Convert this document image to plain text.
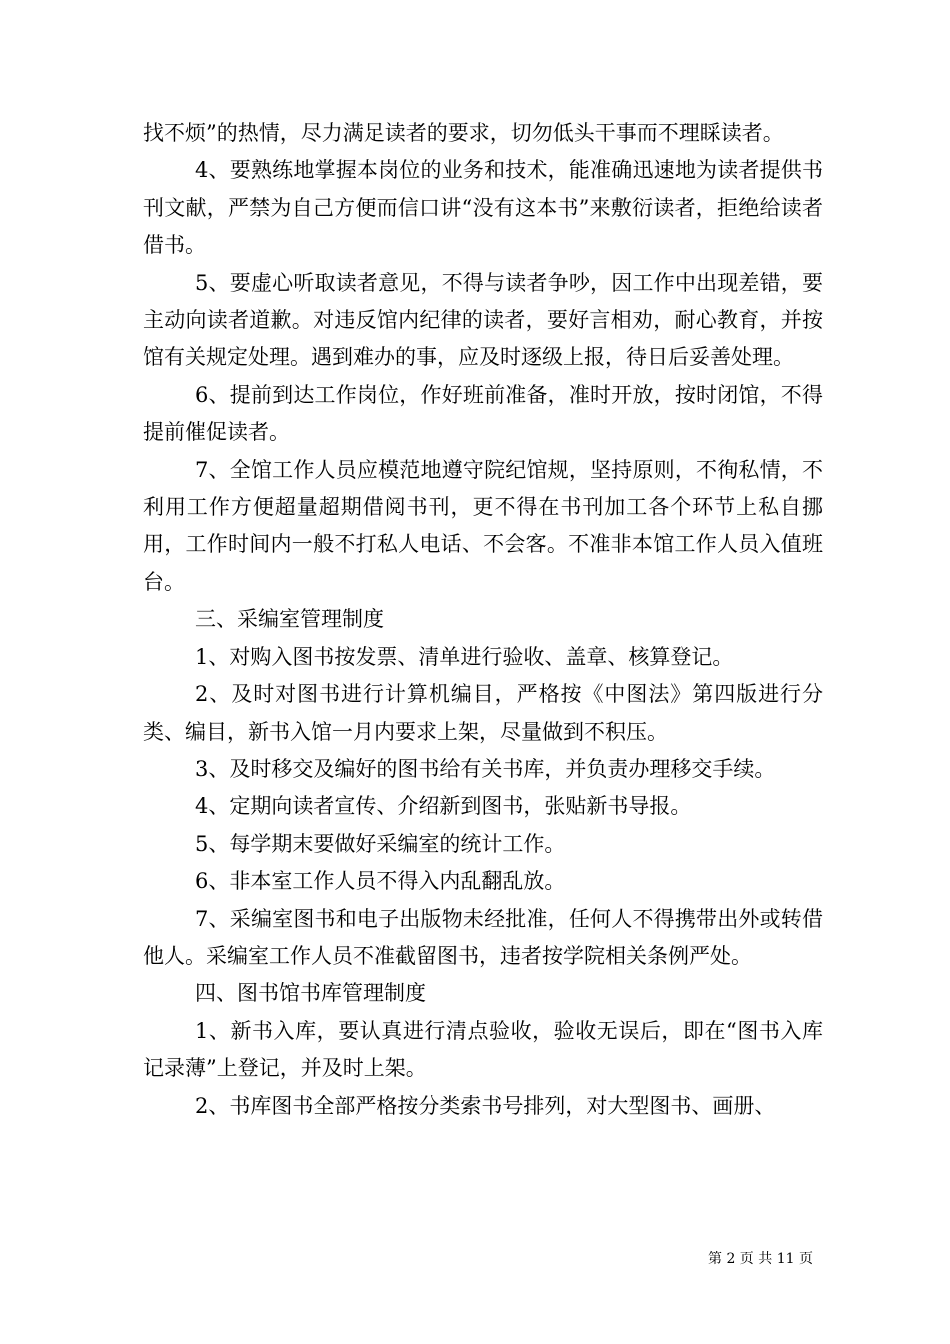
找不烦”的热情，尽力满足读者的要求，切勿低头干事而不理睬读者。

4、要熟练地掌握本岗位的业务和技术，能准确迅速地为读者提供书刊文献，严禁为自己方便而信口讲“没有这本书”来敷衍读者，拒绝给读者借书。

5、要虚心听取读者意见，不得与读者争吵，因工作中出现差错，要主动向读者道歉。对违反馆内纪律的读者，要好言相劝，耐心教育，并按馆有关规定处理。遇到难办的事，应及时逐级上报，待日后妥善处理。

6、提前到达工作岗位，作好班前准备，准时开放，按时闭馆，不得提前催促读者。

7、全馆工作人员应模范地遵守院纪馆规，坚持原则，不徇私情，不利用工作方便超量超期借阅书刊，更不得在书刊加工各个环节上私自挪用，工作时间内一般不打私人电话、不会客。不准非本馆工作人员入值班台。

三、采编室管理制度

1、对购入图书按发票、清单进行验收、盖章、核算登记。

2、及时对图书进行计算机编目，严格按《中图法》第四版进行分类、编目，新书入馆一月内要求上架，尽量做到不积压。

3、及时移交及编好的图书给有关书库，并负责办理移交手续。

4、定期向读者宣传、介绍新到图书，张贴新书导报。

5、每学期末要做好采编室的统计工作。

6、非本室工作人员不得入内乱翻乱放。

7、采编室图书和电子出版物未经批准，任何人不得携带出外或转借他人。采编室工作人员不准截留图书，违者按学院相关条例严处。

四、图书馆书库管理制度

1、新书入库，要认真进行清点验收，验收无误后，即在“图书入库记录薄”上登记，并及时上架。

2、书库图书全部严格按分类索书号排列，对大型图书、画册、

第 2 页 共 11 页
